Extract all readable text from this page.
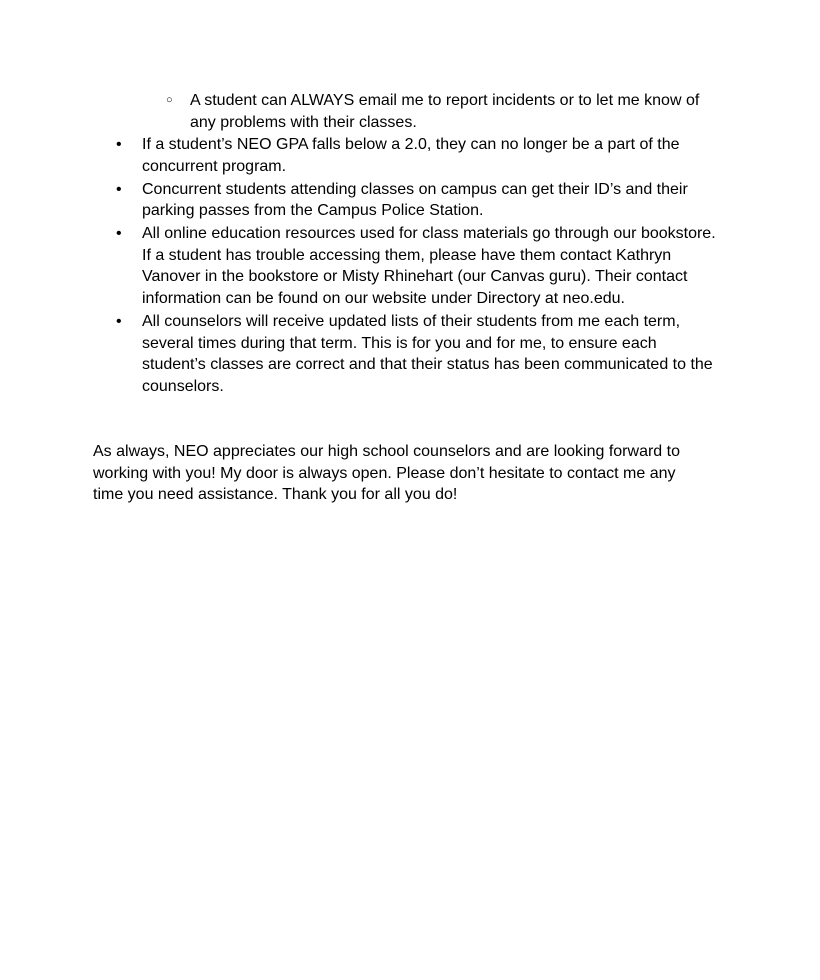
○ A student can ALWAYS email me to report incidents or to let me know of
any problems with their classes.
• If a student’s NEO GPA falls below a 2.0, they can no longer be a part of the
concurrent program.
• Concurrent students attending classes on campus can get their ID’s and their
parking passes from the Campus Police Station.
• All online education resources used for class materials go through our bookstore.
If a student has trouble accessing them, please have them contact Kathryn
Vanover in the bookstore or Misty Rhinehart (our Canvas guru). Their contact
information can be found on our website under Directory at neo.edu.
• All counselors will receive updated lists of their students from me each term,
several times during that term. This is for you and for me, to ensure each
student’s classes are correct and that their status has been communicated to the
counselors.
As always, NEO appreciates our high school counselors and are looking forward to
working with you! My door is always open. Please don’t hesitate to contact me any
time you need assistance. Thank you for all you do!
